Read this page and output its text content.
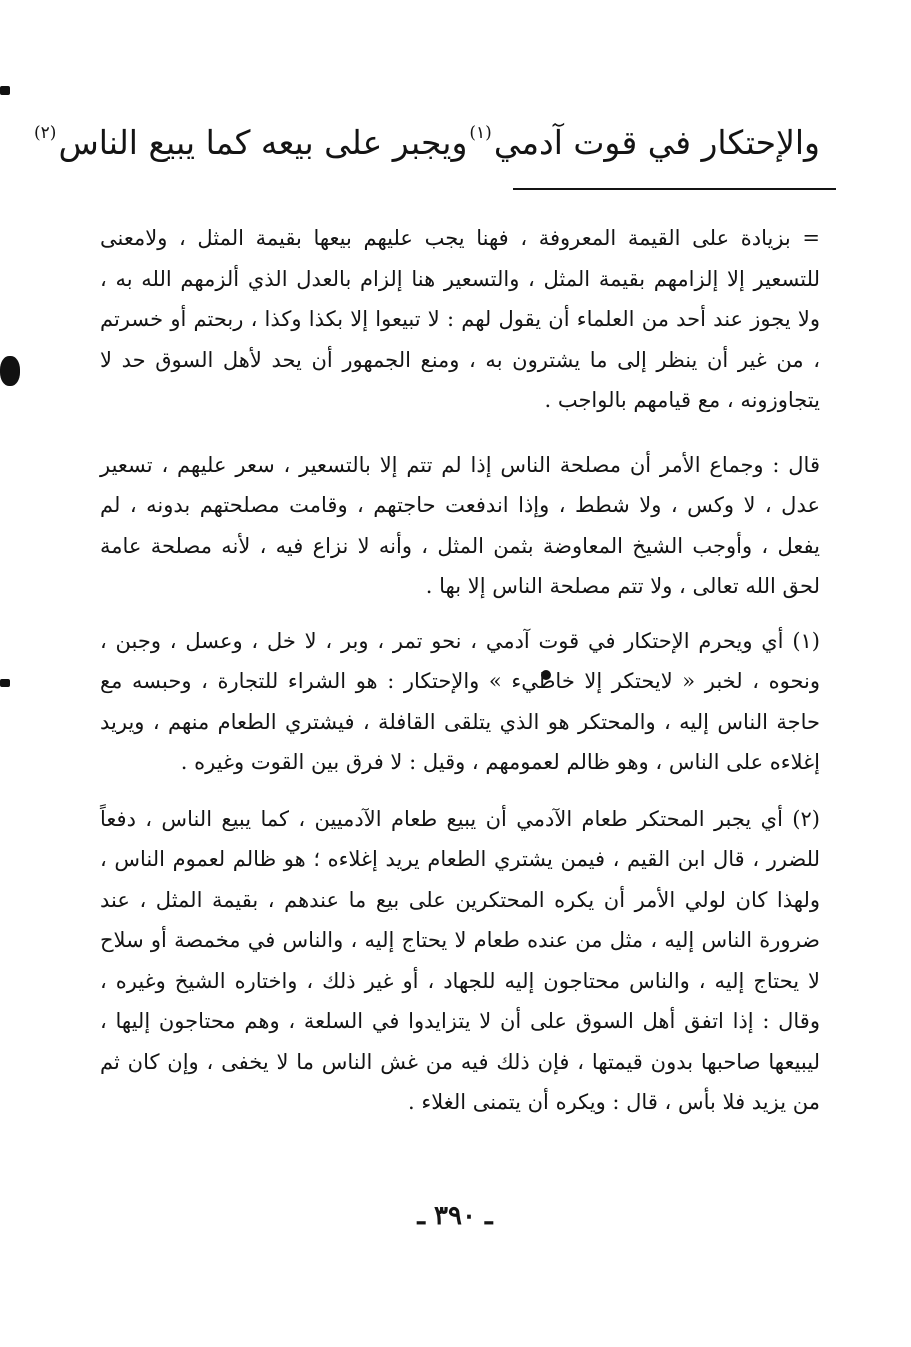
والإحتكار في قوت آدمي$^{(١)}$ويجبر على بيعه كما يبيع الناس$^{(٢)}$

= بزيادة على القيمة المعروفة ، فهنا يجب عليهم بيعها بقيمة المثل ، ولامعنى للتسعير إلا إلزامهم بقيمة المثل ، والتسعير هنا إلزام بالعدل الذي ألزمهم الله به ، ولا يجوز عند أحد من العلماء أن يقول لهم : لا تبيعوا إلا بكذا وكذا ، ربحتم أو خسرتم ، من غير أن ينظر إلى ما يشترون به ، ومنع الجمهور أن يحد لأهل السوق حد لا يتجاوزونه ، مع قيامهم بالواجب .

قال : وجماع الأمر أن مصلحة الناس إذا لم تتم إلا بالتسعير ، سعر عليهم ، تسعير عدل ، لا وكس ، ولا شطط ، وإذا اندفعت حاجتهم ، وقامت مصلحتهم بدونه ، لم يفعل ، وأوجب الشيخ المعاوضة بثمن المثل ، وأنه لا نزاع فيه ، لأنه مصلحة عامة لحق الله تعالى ، ولا تتم مصلحة الناس إلا بها .

(١) أي ويحرم الإحتكار في قوت آدمي ، نحو تمر ، وبر ، لا خل ، وعسل ، وجبن ، ونحوه ، لخبر « لايحتكر إلا خاطيء » والإحتكار : هو الشراء للتجارة ، وحبسه مع حاجة الناس إليه ، والمحتكر هو الذي يتلقى القافلة ، فيشتري الطعام منهم ، ويريد إغلاءه على الناس ، وهو ظالم لعمومهم ، وقيل : لا فرق بين القوت وغيره .

(٢) أي يجبر المحتكر طعام الآدمي أن يبيع طعام الآدميين ، كما يبيع الناس ، دفعاً للضرر ، قال ابن القيم ، فيمن يشتري الطعام يريد إغلاءه ؛ هو ظالم لعموم الناس ، ولهذا كان لولي الأمر أن يكره المحتكرين على بيع ما عندهم ، بقيمة المثل ، عند ضرورة الناس إليه ، مثل من عنده طعام لا يحتاج إليه ، والناس في مخمصة أو سلاح لا يحتاج إليه ، والناس محتاجون إليه للجهاد ، أو غير ذلك ، واختاره الشيخ وغيره ، وقال : إذا اتفق أهل السوق على أن لا يتزايدوا في السلعة ، وهم محتاجون إليها ، ليبيعها صاحبها بدون قيمتها ، فإن ذلك فيه من غش الناس ما لا يخفى ، وإن كان ثم من يزيد فلا بأس ، قال : ويكره أن يتمنى الغلاء .

ـ ٣٩٠ ـ
